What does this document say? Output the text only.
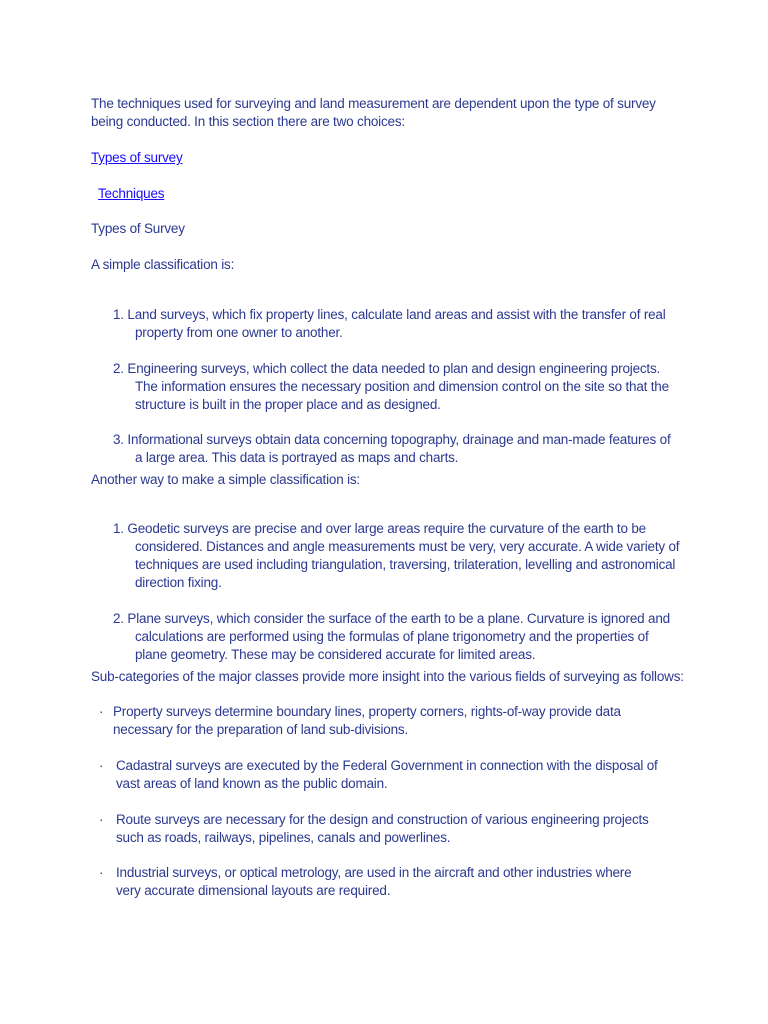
The techniques used for surveying and land measurement are dependent upon the type of survey being conducted. In this section there are two choices:

Types of survey
Techniques

Types of Survey

A simple classification is:

1. Land surveys, which fix property lines, calculate land areas and assist with the transfer of real property from one owner to another.

2. Engineering surveys, which collect the data needed to plan and design engineering projects. The information ensures the necessary position and dimension control on the site so that the structure is built in the proper place and as designed.

3. Informational surveys obtain data concerning topography, drainage and man-made features of a large area. This data is portrayed as maps and charts.

Another way to make a simple classification is:

1. Geodetic surveys are precise and over large areas require the curvature of the earth to be considered. Distances and angle measurements must be very, very accurate. A wide variety of techniques are used including triangulation, traversing, trilateration, levelling and astronomical direction fixing.

2. Plane surveys, which consider the surface of the earth to be a plane. Curvature is ignored and calculations are performed using the formulas of plane trigonometry and the properties of plane geometry. These may be considered accurate for limited areas.

Sub-categories of the major classes provide more insight into the various fields of surveying as follows:

· Property surveys determine boundary lines, property corners, rights-of-way provide data necessary for the preparation of land sub-divisions.
· Cadastral surveys are executed by the Federal Government in connection with the disposal of vast areas of land known as the public domain.
· Route surveys are necessary for the design and construction of various engineering projects such as roads, railways, pipelines, canals and powerlines.
· Industrial surveys, or optical metrology, are used in the aircraft and other industries where very accurate dimensional layouts are required.
